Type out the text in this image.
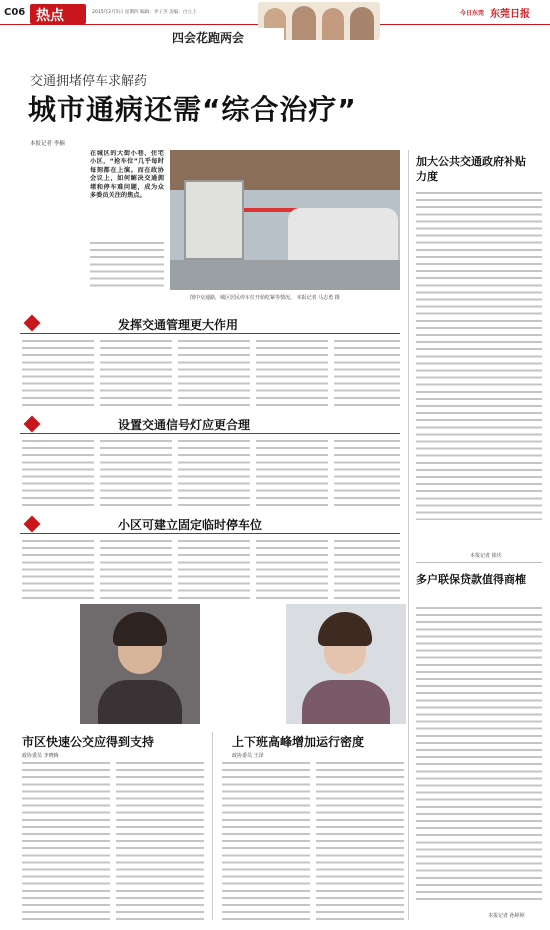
C06 热点	2015年2月5日 星期四 编辑：李子杰 美编：白立上	今日东莞 东莞日报
四会花跑两会
交通拥堵停车求解药
城市通病还需“综合治疗”
本报记者 李楠
在城区的大街小巷，住宅小区，“抢车位”几乎每时每刻都在上演。而在政协会议上，如何解决交通拥堵和停车难问题，成为众多委员关注的焦点。
图中交通路，城区居民停车位开始吃紧等情况。 本报记者 马志勇 摄
加大公共交通政府补贴力度
本报记者 徐庆
多户联保贷款值得商榷
本报记者 孙婷婷
发挥交通管理更大作用
设置交通信号灯应更合理
小区可建立固定临时停车位
市区快速公交应得到支持
政协委员 李晓梅
上下班高峰增加运行密度
政协委员 王泽
